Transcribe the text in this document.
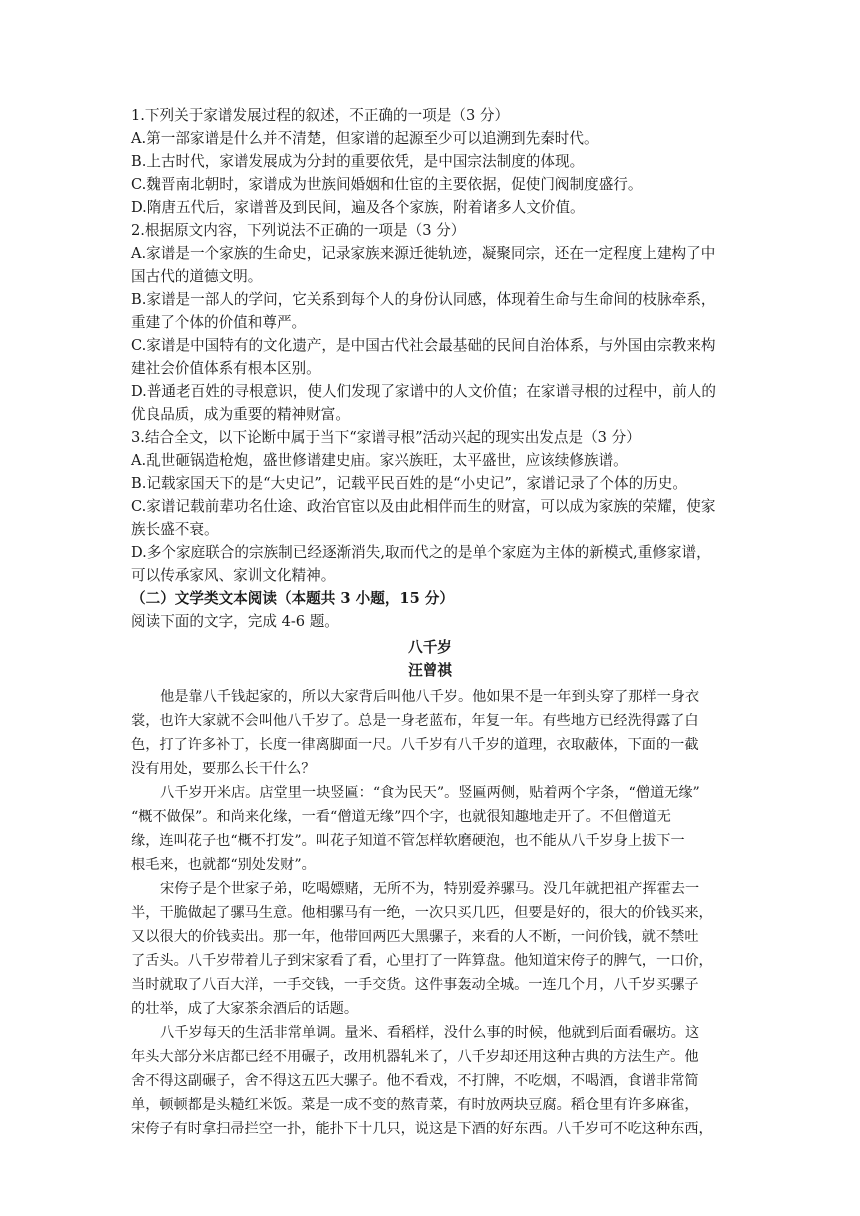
1.下列关于家谱发展过程的叙述，不正确的一项是（3 分）
A.第一部家谱是什么并不清楚，但家谱的起源至少可以追溯到先秦时代。
B.上古时代，家谱发展成为分封的重要依凭，是中国宗法制度的体现。
C.魏晋南北朝时，家谱成为世族间婚姻和仕宦的主要依据，促使门阀制度盛行。
D.隋唐五代后，家谱普及到民间，遍及各个家族，附着诸多人文价值。
2.根据原文内容，下列说法不正确的一项是（3 分）
A.家谱是一个家族的生命史，记录家族来源迁徙轨迹，凝聚同宗，还在一定程度上建构了中
国古代的道德文明。
B.家谱是一部人的学问，它关系到每个人的身份认同感，体现着生命与生命间的枝脉牵系，
重建了个体的价值和尊严。
C.家谱是中国特有的文化遗产，是中国古代社会最基础的民间自治体系，与外国由宗教来构
建社会价值体系有根本区别。
D.普通老百姓的寻根意识，使人们发现了家谱中的人文价值；在家谱寻根的过程中，前人的
优良品质，成为重要的精神财富。
3.结合全文，以下论断中属于当下“家谱寻根”活动兴起的现实出发点是（3 分）
A.乱世砸锅造枪炮，盛世修谱建史庙。家兴族旺，太平盛世，应该续修族谱。
B.记载家国天下的是“大史记”，记载平民百姓的是“小史记”，家谱记录了个体的历史。
C.家谱记载前辈功名仕途、政治官宦以及由此相伴而生的财富，可以成为家族的荣耀，使家
族长盛不衰。
D.多个家庭联合的宗族制已经逐渐消失,取而代之的是单个家庭为主体的新模式,重修家谱，
可以传承家风、家训文化精神。
（二）文学类文本阅读（本题共 3 小题，15 分）
阅读下面的文字，完成 4-6 题。
八千岁
汪曾祺
他是靠八千钱起家的，所以大家背后叫他八千岁。他如果不是一年到头穿了那样一身衣
裳，也许大家就不会叫他八千岁了。总是一身老蓝布，年复一年。有些地方已经洗得露了白
色，打了许多补丁，长度一律离脚面一尺。八千岁有八千岁的道理，衣取蔽体，下面的一截
没有用处，要那么长干什么？
八千岁开米店。店堂里一块竖匾：“食为民天”。竖匾两侧，贴着两个字条，“僧道无缘”
“概不做保”。和尚来化缘，一看“僧道无缘”四个字，也就很知趣地走开了。不但僧道无
缘，连叫花子也“概不打发”。叫花子知道不管怎样软磨硬泡，也不能从八千岁身上拔下一
根毛来，也就都“别处发财”。
宋侉子是个世家子弟，吃喝嫖赌，无所不为，特别爱养骡马。没几年就把祖产挥霍去一
半，干脆做起了骡马生意。他相骡马有一绝，一次只买几匹，但要是好的，很大的价钱买来，
又以很大的价钱卖出。那一年，他带回两匹大黑骡子，来看的人不断，一问价钱，就不禁吐
了舌头。八千岁带着儿子到宋家看了看，心里打了一阵算盘。他知道宋侉子的脾气，一口价，
当时就取了八百大洋，一手交钱，一手交货。这件事轰动全城。一连几个月，八千岁买骡子
的壮举，成了大家茶余酒后的话题。
八千岁每天的生活非常单调。量米、看稻样，没什么事的时候，他就到后面看碾坊。这
年头大部分米店都已经不用碾子，改用机器轧米了，八千岁却还用这种古典的方法生产。他
舍不得这副碾子，舍不得这五匹大骡子。他不看戏，不打牌，不吃烟，不喝酒，食谱非常简
单，顿顿都是头糙红米饭。菜是一成不变的熬青菜，有时放两块豆腐。稻仓里有许多麻雀，
宋侉子有时拿扫帚拦空一扑，能扑下十几只，说这是下酒的好东西。八千岁可不吃这种东西，
